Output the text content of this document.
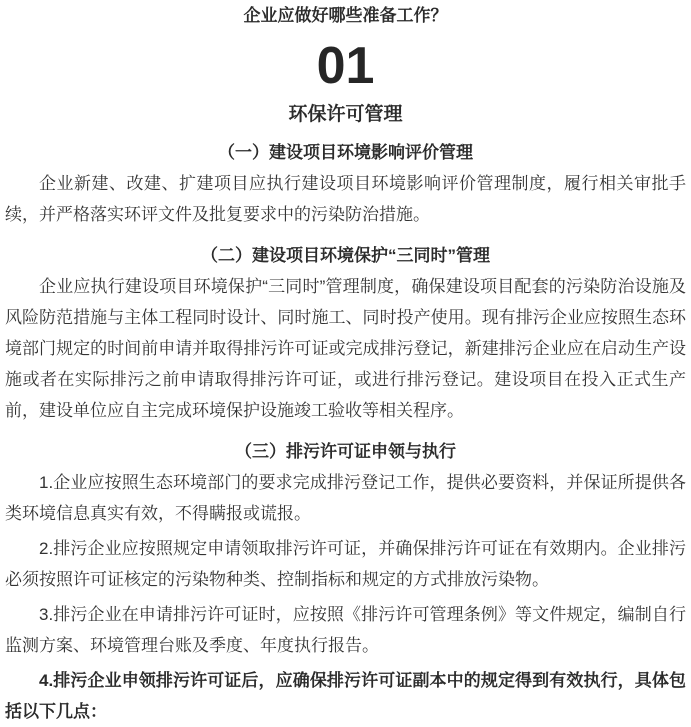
企业应做好哪些准备工作？
01
环保许可管理
（一）建设项目环境影响评价管理

企业新建、改建、扩建项目应执行建设项目环境影响评价管理制度，履行相关审批手续，并严格落实环评文件及批复要求中的污染防治措施。

（二）建设项目环境保护“三同时”管理

企业应执行建设项目环境保护“三同时”管理制度，确保建设项目配套的污染防治设施及风险防范措施与主体工程同时设计、同时施工、同时投产使用。现有排污企业应按照生态环境部门规定的时间前申请并取得排污许可证或完成排污登记，新建排污企业应在启动生产设施或者在实际排污之前申请取得排污许可证，或进行排污登记。建设项目在投入正式生产前，建设单位应自主完成环境保护设施竣工验收等相关程序。

（三）排污许可证申领与执行

1.企业应按照生态环境部门的要求完成排污登记工作，提供必要资料，并保证所提供各类环境信息真实有效，不得瞒报或谎报。

2.排污企业应按照规定申请领取排污许可证，并确保排污许可证在有效期内。企业排污必须按照许可证核定的污染物种类、控制指标和规定的方式排放污染物。

3.排污企业在申请排污许可证时，应按照《排污许可管理条例》等文件规定，编制自行监测方案、环境管理台账及季度、年度执行报告。

4.排污企业申领排污许可证后，应确保排污许可证副本中的规定得到有效执行，具体包括以下几点：
